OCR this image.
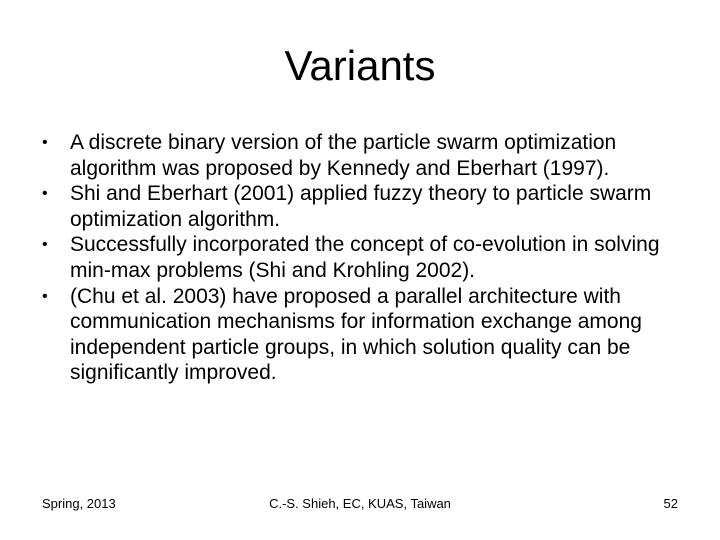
Variants
• A discrete binary version of the particle swarm optimization algorithm was proposed by Kennedy and Eberhart (1997).
• Shi and Eberhart (2001) applied fuzzy theory to particle swarm optimization algorithm.
• Successfully incorporated the concept of co-evolution in solving min-max problems (Shi and Krohling 2002).
• (Chu et al. 2003) have proposed a parallel architecture with communication mechanisms for information exchange among independent particle groups, in which solution quality can be significantly improved.
Spring, 2013	C.-S. Shieh, EC, KUAS, Taiwan	52
